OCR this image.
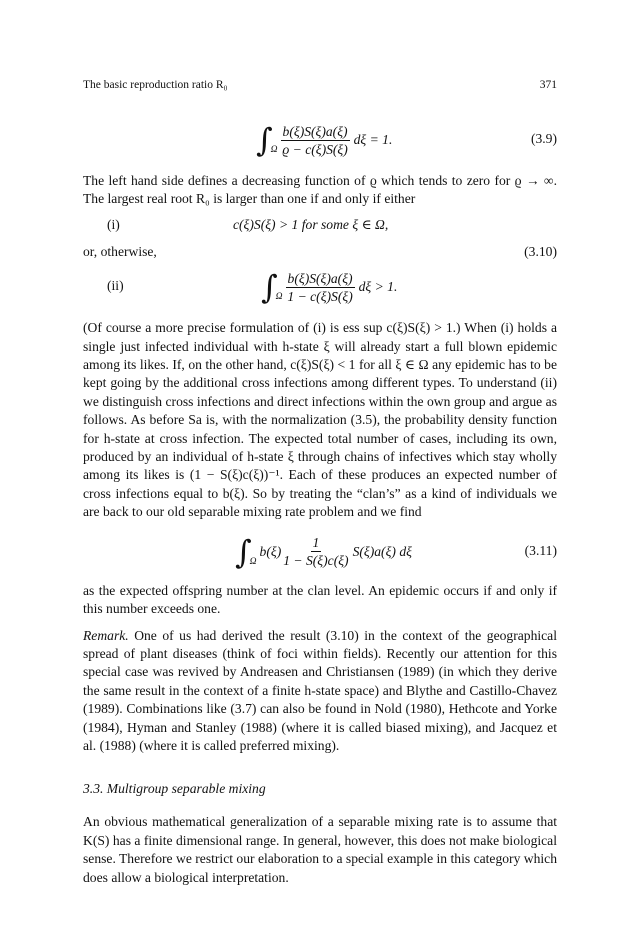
The basic reproduction ratio R₀	371
∫
Ω $\frac{b(\xi)S(\xi)a(\xi)}{ϱ - c(\xi)S(\xi)}$ dξ = 1.	(3.9)

The left hand side defines a decreasing function of ϱ which tends to zero for ϱ → ∞. The largest real root R₀ is larger than one if and only if either

(i)	c(ξ)S(ξ) > 1 for some ξ ∈ Ω,
or, otherwise,	(3.10)
(ii)	∫
Ω $\frac{b(\xi)S(\xi)a(\xi)}{1 - c(\xi)S(\xi)}$ dξ > 1.

(Of course a more precise formulation of (i) is ess sup c(ξ)S(ξ) > 1.) When (i) holds a single just infected individual with h-state ξ will already start a full blown epidemic among its likes. If, on the other hand, c(ξ)S(ξ) < 1 for all ξ ∈ Ω any epidemic has to be kept going by the additional cross infections among different types. To understand (ii) we distinguish cross infections and direct infections within the own group and argue as follows. As before Sa is, with the normalization (3.5), the probability density function for h-state at cross infection. The expected total number of cases, including its own, produced by an individual of h-state ξ through chains of infectives which stay wholly among its likes is (1 − S(ξ)c(ξ))⁻¹. Each of these produces an expected number of cross infections equal to b(ξ). So by treating the “clan’s” as a kind of individuals we are back to our old separable mixing rate problem and we find

∫
Ω
$b(\xi) \frac{1}{1 - S(\xi)c(\xi)} S(\xi)a(\xi)$ dξ	(3.11)

as the expected offspring number at the clan level. An epidemic occurs if and only if this number exceeds one.

Remark. One of us had derived the result (3.10) in the context of the geographical spread of plant diseases (think of foci within fields). Recently our attention for this special case was revived by Andreasen and Christiansen (1989) (in which they derive the same result in the context of a finite h-state space) and Blythe and Castillo-Chavez (1989). Combinations like (3.7) can also be found in Nold (1980), Hethcote and Yorke (1984), Hyman and Stanley (1988) (where it is called biased mixing), and Jacquez et al. (1988) (where it is called preferred mixing).

3.3. Multigroup separable mixing

An obvious mathematical generalization of a separable mixing rate is to assume that K(S) has a finite dimensional range. In general, however, this does not make biological sense. Therefore we restrict our elaboration to a special example in this category which does allow a biological interpretation.
